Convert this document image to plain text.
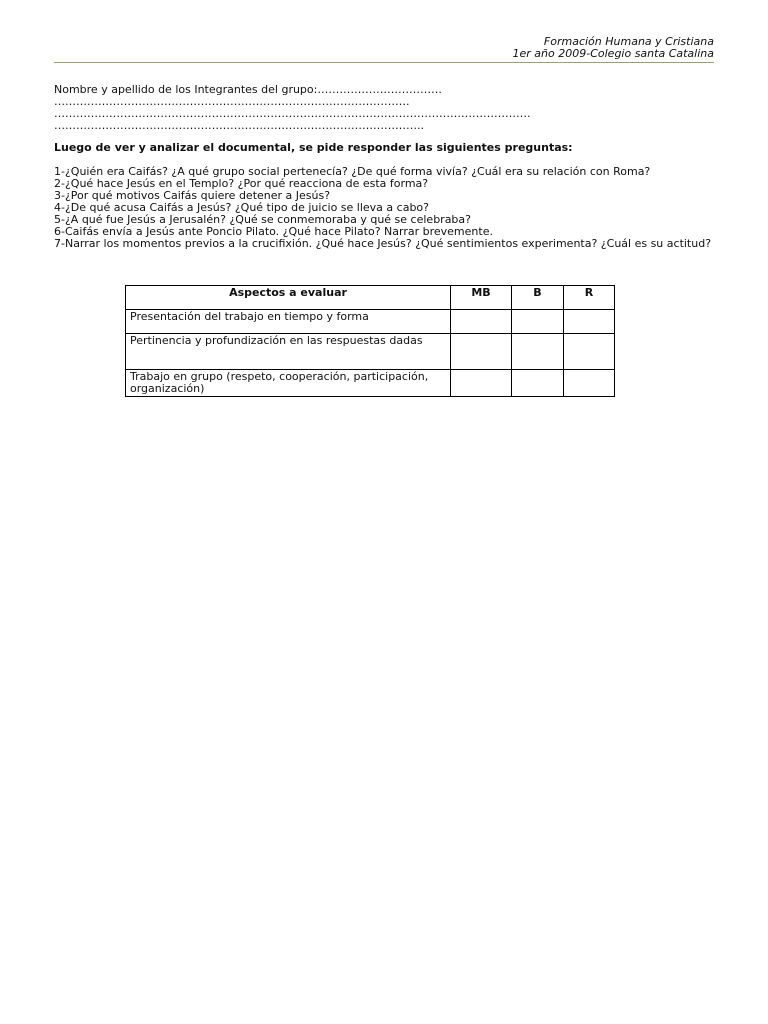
Formación Humana y Cristiana
1er año 2009-Colegio santa Catalina
Nombre y apellido de los Integrantes del grupo:…………………………….
…………………………………………………………………………………….
………………………………………………………………………………………………………………….
………………………………………………………………………………………..
Luego de ver y analizar el documental, se pide responder las siguientes preguntas:
1-¿Quién era Caifás? ¿A qué grupo social pertenecía? ¿De qué forma vivía? ¿Cuál era su relación con Roma?
2-¿Qué hace Jesús en el Templo? ¿Por qué reacciona de esta forma?
3-¿Por qué motivos Caifás quiere detener a Jesús?
4-¿De qué acusa Caifás a Jesús? ¿Qué tipo de juicio se lleva a cabo?
5-¿A qué fue Jesús a Jerusalén? ¿Qué se conmemoraba y qué se celebraba?
6-Caifás envía a Jesús ante Poncio Pilato. ¿Qué hace Pilato? Narrar brevemente.
7-Narrar los momentos previos a la crucifixión. ¿Qué hace Jesús? ¿Qué sentimientos experimenta? ¿Cuál es su actitud?
Aspectos a evaluar	MB	B	R
Presentación del trabajo en tiempo y forma			
Pertinencia y profundización en las respuestas dadas			
Trabajo en grupo (respeto, cooperación, participación, organización)			
